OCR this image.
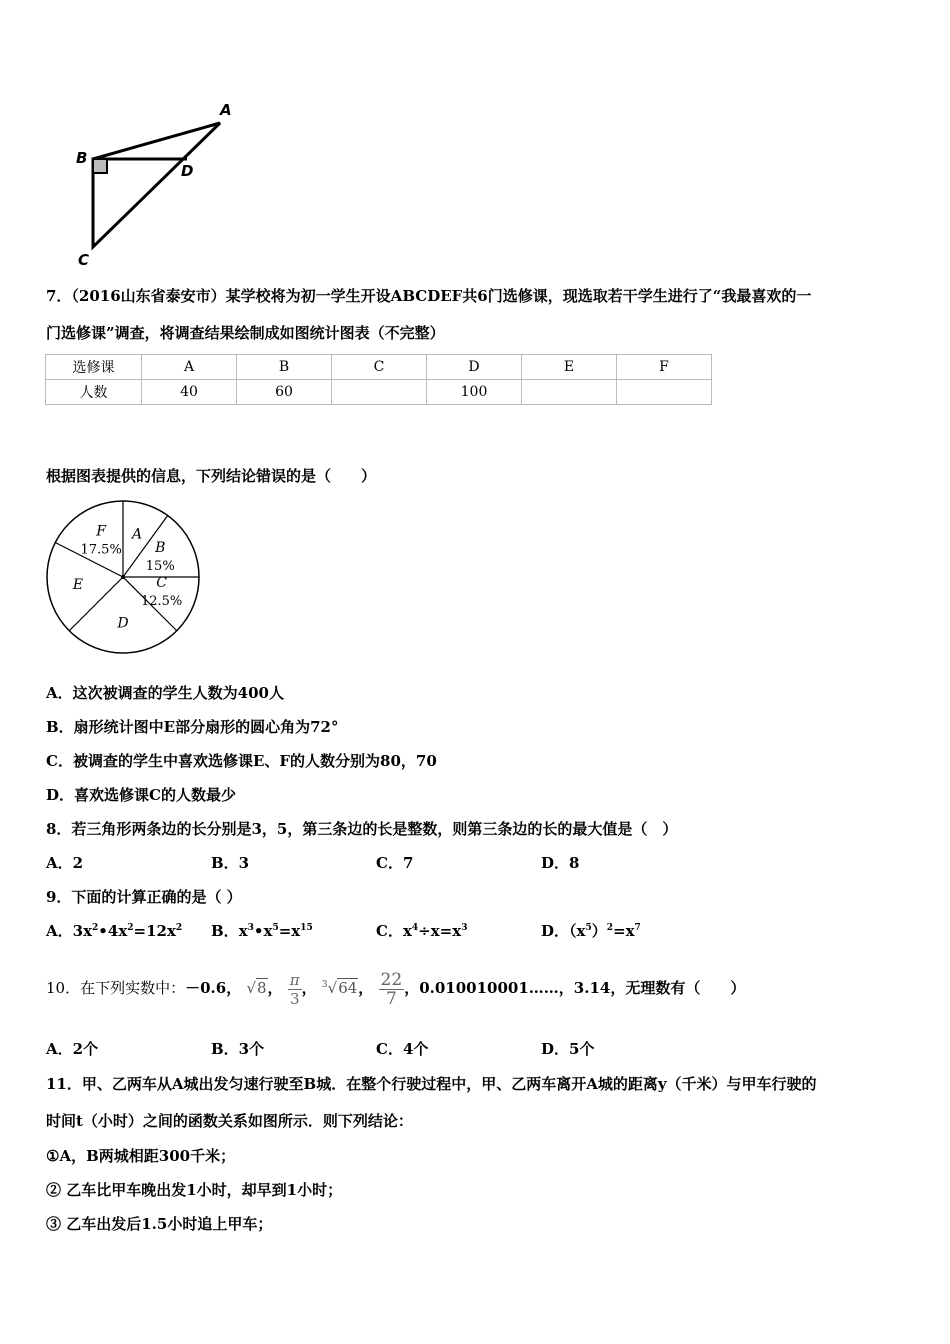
A
B
D
C
7．（2016山东省泰安市）某学校将为初一学生开设ABCDEF共6门选修课，现选取若干学生进行了“我最喜欢的一
门选修课”调查，将调查结果绘制成如图统计图表（不完整）
选修课	A	B	C	D	E	F
人数	40	60		100		
根据图表提供的信息，下列结论错误的是（　　）
A
B
15%
C
12.5%
D
E
F
17.5%
A．这次被调查的学生人数为400人
B．扇形统计图中E部分扇形的圆心角为72°
C．被调查的学生中喜欢选修课E、F的人数分别为80，70
D．喜欢选修课C的人数最少
8．若三角形两条边的长分别是3，5，第三条边的长是整数，则第三条边的长的最大值是（　）
A．2	B．3	C．7	D．8
9．下面的计算正确的是（ ）
A．$3x^2•4x^2=12x^2$ B．$x^3•x^5=x^{15}$	C．$x^4\div x=x^3$	D．$(x^5)^2=x^7$
10．在下列实数中：－0.6， √8， $\frac{\pi}{3}$ ， $^3$√64， $\frac{22}{7}$ ，0.010010001……，3.14，无理数有（　　）
A．2个	B．3个	C．4个	D．5个
11．甲、乙两车从A城出发匀速行驶至B城．在整个行驶过程中，甲、乙两车离开A城的距离y（千米）与甲车行驶的
时间t（小时）之间的函数关系如图所示．则下列结论：
①A，B两城相距300千米；
② 乙车比甲车晚出发1小时，却早到1小时；
③ 乙车出发后1.5小时追上甲车；
